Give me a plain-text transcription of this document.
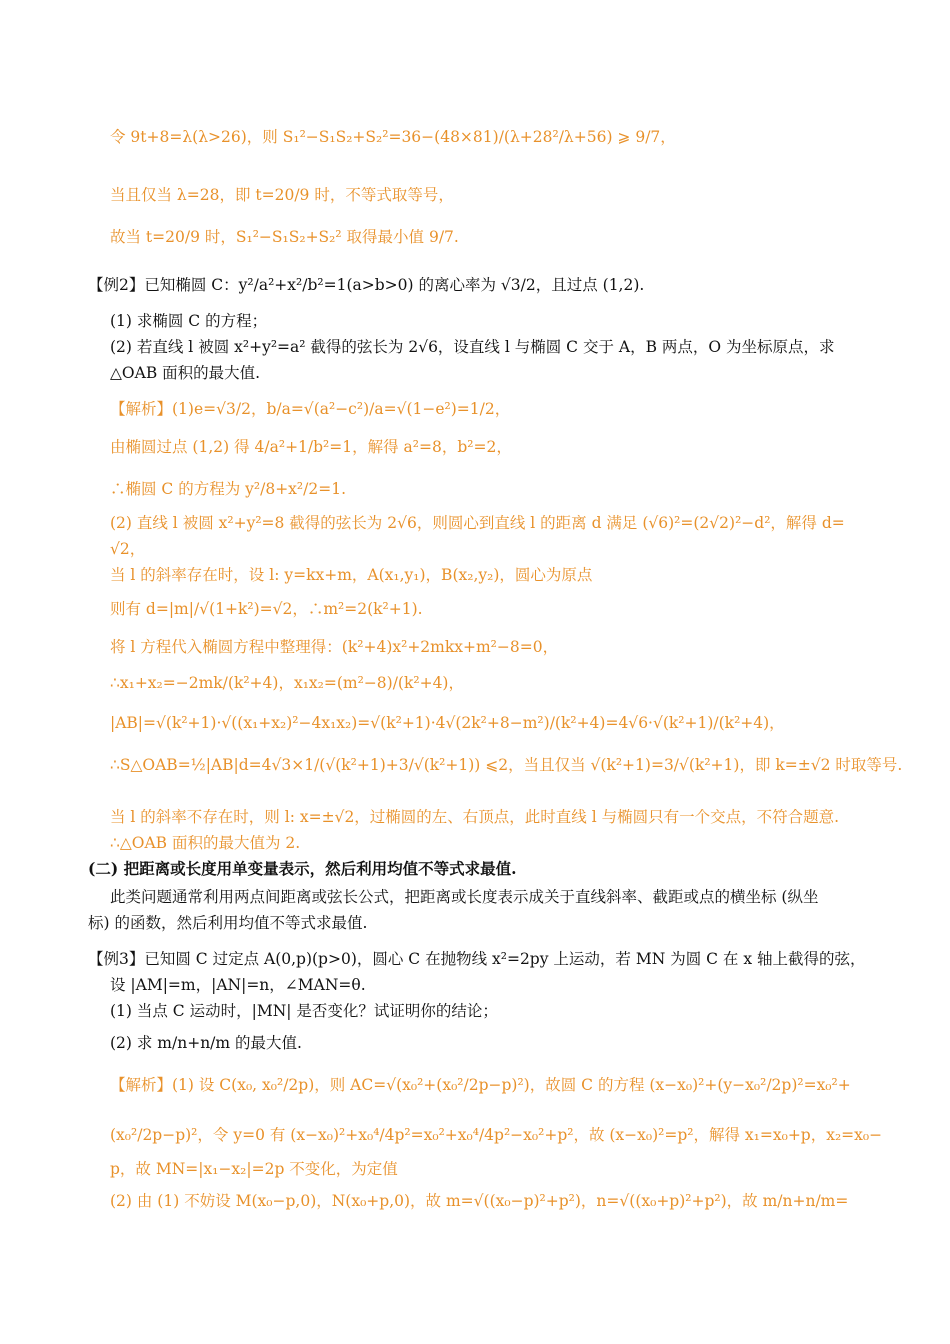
令 9t+8=λ(λ>26)，则 S₁²−S₁S₂+S₂²=36−(48×81)/(λ+28²/λ+56) ⩾ 9/7，
当且仅当 λ=28，即 t=20/9 时，不等式取等号，
故当 t=20/9 时，S₁²−S₁S₂+S₂² 取得最小值 9/7.
【例2】已知椭圆 C：y²/a²+x²/b²=1(a>b>0) 的离心率为 √3/2，且过点 (1,2).
(1) 求椭圆 C 的方程；
(2) 若直线 l 被圆 x²+y²=a² 截得的弦长为 2√6，设直线 l 与椭圆 C 交于 A，B 两点，O 为坐标原点，求
△OAB 面积的最大值.
【解析】(1)e=√3/2，b/a=√(a²−c²)/a=√(1−e²)=1/2，
由椭圆过点 (1,2) 得 4/a²+1/b²=1，解得 a²=8，b²=2，
∴椭圆 C 的方程为 y²/8+x²/2=1.
(2) 直线 l 被圆 x²+y²=8 截得的弦长为 2√6，则圆心到直线 l 的距离 d 满足 (√6)²=(2√2)²−d²，解得 d=
√2，
当 l 的斜率存在时，设 l: y=kx+m，A(x₁,y₁)，B(x₂,y₂)，圆心为原点
则有 d=|m|/√(1+k²)=√2，∴m²=2(k²+1).
将 l 方程代入椭圆方程中整理得：(k²+4)x²+2mkx+m²−8=0，
∴x₁+x₂=−2mk/(k²+4)，x₁x₂=(m²−8)/(k²+4)，
|AB|=√(k²+1)·√((x₁+x₂)²−4x₁x₂)=√(k²+1)·4√(2k²+8−m²)/(k²+4)=4√6·√(k²+1)/(k²+4)，
∴S△OAB=½|AB|d=4√3×1/(√(k²+1)+3/√(k²+1)) ⩽2，当且仅当 √(k²+1)=3/√(k²+1)，即 k=±√2 时取等号.
当 l 的斜率不存在时，则 l: x=±√2，过椭圆的左、右顶点，此时直线 l 与椭圆只有一个交点，不符合题意.
∴△OAB 面积的最大值为 2.
(二) 把距离或长度用单变量表示，然后利用均值不等式求最值.
此类问题通常利用两点间距离或弦长公式，把距离或长度表示成关于直线斜率、截距或点的横坐标 (纵坐
标) 的函数，然后利用均值不等式求最值.
【例3】已知圆 C 过定点 A(0,p)(p>0)，圆心 C 在抛物线 x²=2py 上运动，若 MN 为圆 C 在 x 轴上截得的弦，
设 |AM|=m，|AN|=n，∠MAN=θ.
(1) 当点 C 运动时，|MN| 是否变化？试证明你的结论；
(2) 求 m/n+n/m 的最大值.
【解析】(1) 设 C(x₀, x₀²/2p)，则 AC=√(x₀²+(x₀²/2p−p)²)，故圆 C 的方程 (x−x₀)²+(y−x₀²/2p)²=x₀²+
(x₀²/2p−p)²，令 y=0 有 (x−x₀)²+x₀⁴/4p²=x₀²+x₀⁴/4p²−x₀²+p²，故 (x−x₀)²=p²，解得 x₁=x₀+p，x₂=x₀−
p，故 MN=|x₁−x₂|=2p 不变化，为定值
(2) 由 (1) 不妨设 M(x₀−p,0)，N(x₀+p,0)，故 m=√((x₀−p)²+p²)，n=√((x₀+p)²+p²)，故 m/n+n/m=
